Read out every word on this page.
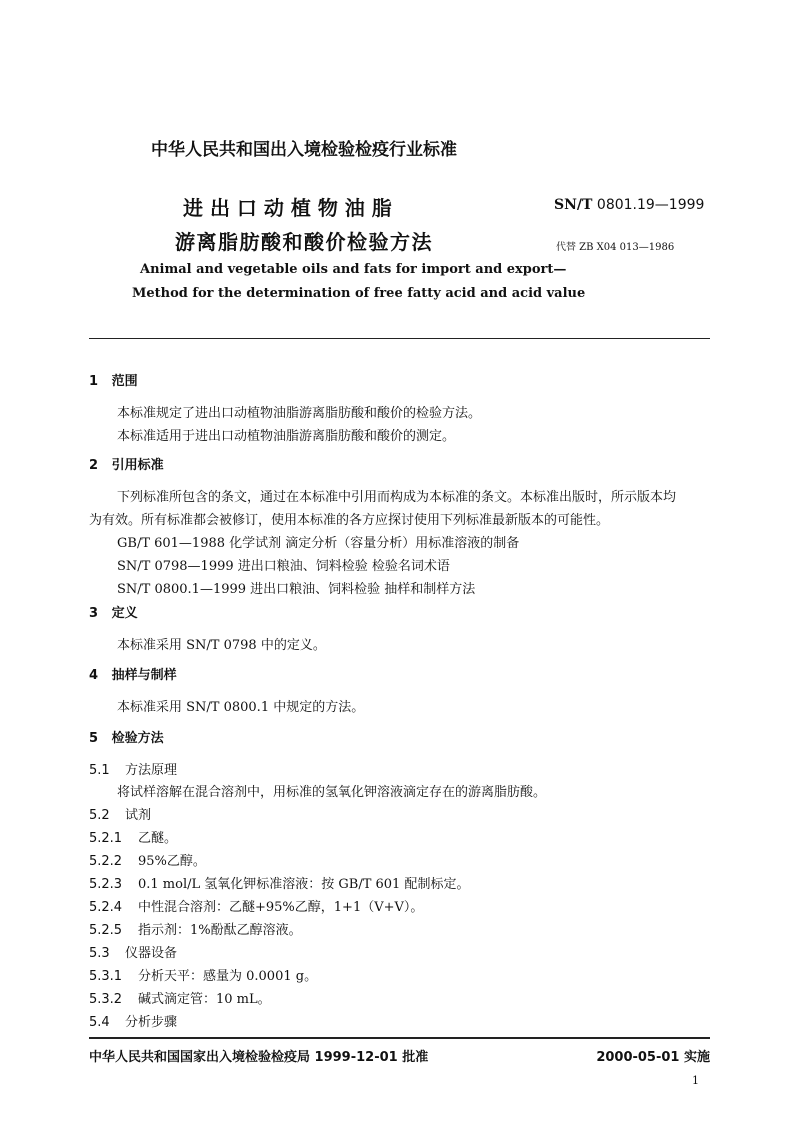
中华人民共和国出入境检验检疫行业标准
进 出 口 动 植 物 油 脂
游离脂肪酸和酸价检验方法
SN/T 0801.19—1999
代替 ZB X04 013—1986
Animal and vegetable oils and fats for import and export—
Method for the determination of free fatty acid and acid value
1 范围
本标准规定了进出口动植物油脂游离脂肪酸和酸价的检验方法。
本标准适用于进出口动植物油脂游离脂肪酸和酸价的测定。
2 引用标准
下列标准所包含的条文，通过在本标准中引用而构成为本标准的条文。本标准出版时，所示版本均
为有效。所有标准都会被修订，使用本标准的各方应探讨使用下列标准最新版本的可能性。
GB/T 601—1988 化学试剂 滴定分析（容量分析）用标准溶液的制备
SN/T 0798—1999 进出口粮油、饲料检验 检验名词术语
SN/T 0800.1—1999 进出口粮油、饲料检验 抽样和制样方法
3 定义
本标准采用 SN/T 0798 中的定义。
4 抽样与制样
本标准采用 SN/T 0800.1 中规定的方法。
5 检验方法
5.1 方法原理
将试样溶解在混合溶剂中，用标准的氢氧化钾溶液滴定存在的游离脂肪酸。
5.2 试剂
5.2.1 乙醚。
5.2.2 95%乙醇。
5.2.3 0.1 mol/L 氢氧化钾标准溶液：按 GB/T 601 配制标定。
5.2.4 中性混合溶剂：乙醚+95%乙醇，1+1（V+V）。
5.2.5 指示剂：1%酚酞乙醇溶液。
5.3 仪器设备
5.3.1 分析天平：感量为 0.0001 g。
5.3.2 碱式滴定管：10 mL。
5.4 分析步骤
中华人民共和国国家出入境检验检疫局 1999-12-01 批准	2000-05-01 实施
1
